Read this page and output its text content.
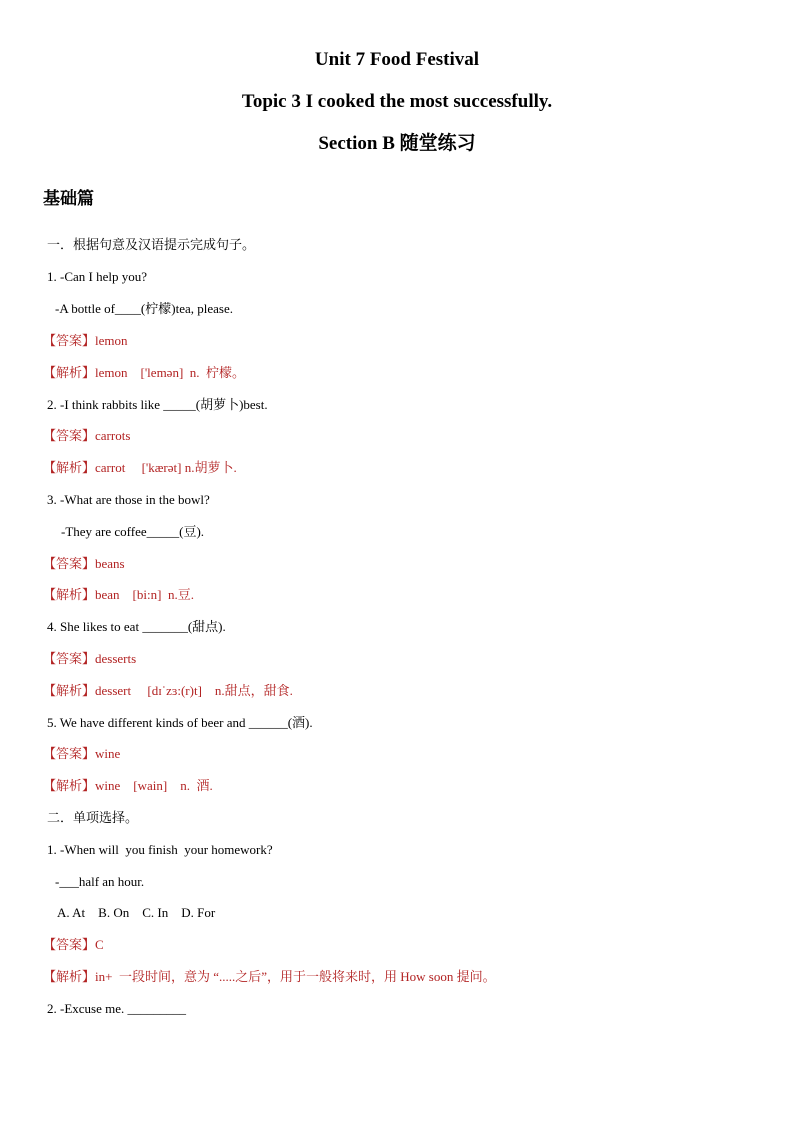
Unit 7 Food Festival
Topic 3 I cooked the most successfully.
Section B 随堂练习
基础篇

一．根据句意及汉语提示完成句子。

1. -Can I help you?

-A bottle of____(柠檬)tea, please.

【答案】lemon

【解析】lemon    ['lemən]  n.  柠檬。

2. -I think rabbits like _____(胡萝卜)best.

【答案】carrots

【解析】carrot     ['kærət] n.胡萝卜.

3. -What are those in the bowl?

-They are coffee_____(豆).

【答案】beans

【解析】bean    [bi:n]  n.豆.

4. She likes to eat _______(甜点).

【答案】desserts

【解析】dessert     [dɪˈzɜ:(r)t]    n.甜点，甜食.

5. We have different kinds of beer and ______(酒).

【答案】wine

【解析】wine    [wain]    n.  酒.

二．单项选择。

1. -When will  you finish  your homework?

-___half an hour.

A. At    B. On    C. In    D. For

【答案】C

【解析】in+  一段时间，意为 “.....之后”，用于一般将来时，用 How soon 提问。

2. -Excuse me. _________
